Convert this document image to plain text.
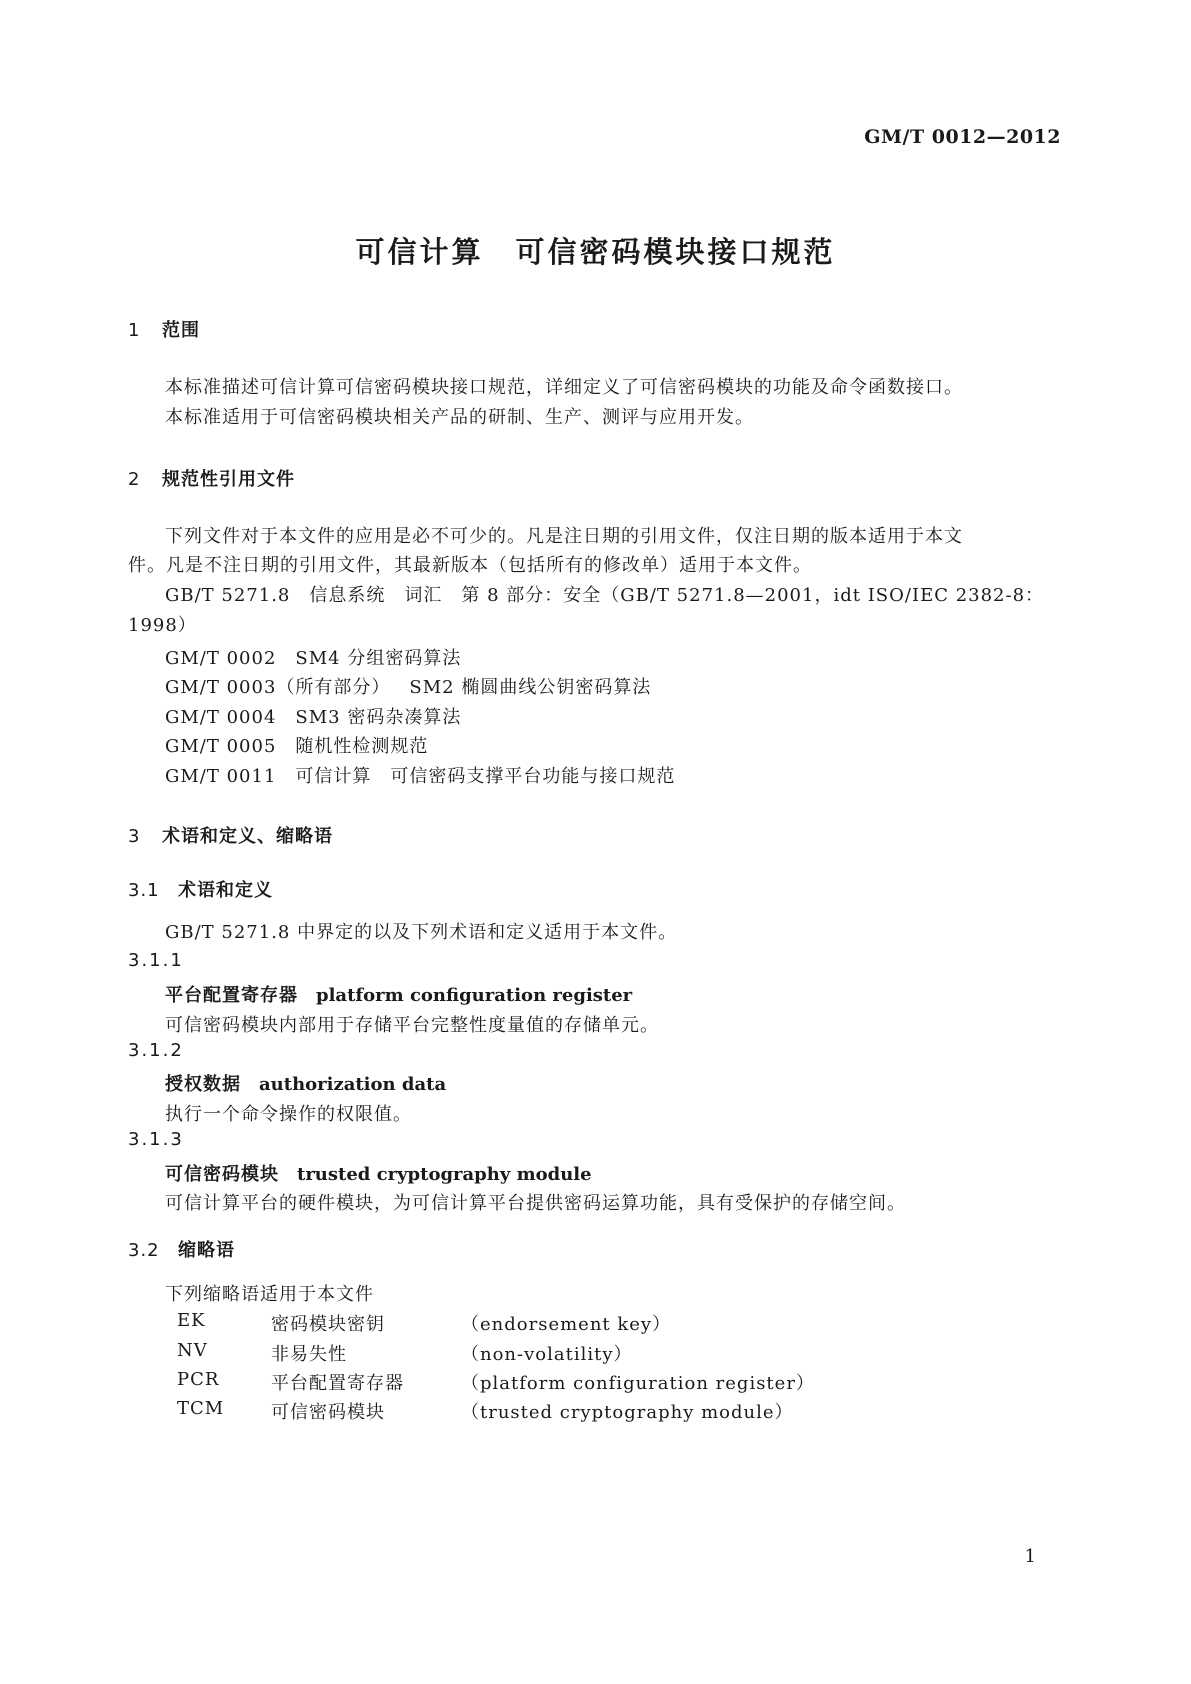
GM/T 0012—2012
可信计算　可信密码模块接口规范
1 范围
本标准描述可信计算可信密码模块接口规范，详细定义了可信密码模块的功能及命令函数接口。
本标准适用于可信密码模块相关产品的研制、生产、测评与应用开发。
2 规范性引用文件
下列文件对于本文件的应用是必不可少的。凡是注日期的引用文件，仅注日期的版本适用于本文
件。凡是不注日期的引用文件，其最新版本（包括所有的修改单）适用于本文件。
GB/T 5271.8　信息系统　词汇　第 8 部分：安全（GB/T 5271.8—2001，idt ISO/IEC 2382-8：
1998）
GM/T 0002　 SM4 分组密码算法
GM/T 0003（所有部分）　 SM2 椭圆曲线公钥密码算法
GM/T 0004　 SM3 密码杂凑算法
GM/T 0005　 随机性检测规范
GM/T 0011　 可信计算　可信密码支撑平台功能与接口规范
3 术语和定义、缩略语
3.1 术语和定义
GB/T 5271.8 中界定的以及下列术语和定义适用于本文件。
3.1.1
平台配置寄存器 platform configuration register
可信密码模块内部用于存储平台完整性度量值的存储单元。
3.1.2
授权数据 authorization data
执行一个命令操作的权限值。
3.1.3
可信密码模块 trusted cryptography module
可信计算平台的硬件模块，为可信计算平台提供密码运算功能，具有受保护的存储空间。
3.2 缩略语
下列缩略语适用于本文件
EK	密码模块密钥	（endorsement key）
NV	非易失性	（non-volatility）
PCR	平台配置寄存器	（platform configuration register）
TCM	可信密码模块	（trusted cryptography module）
1
